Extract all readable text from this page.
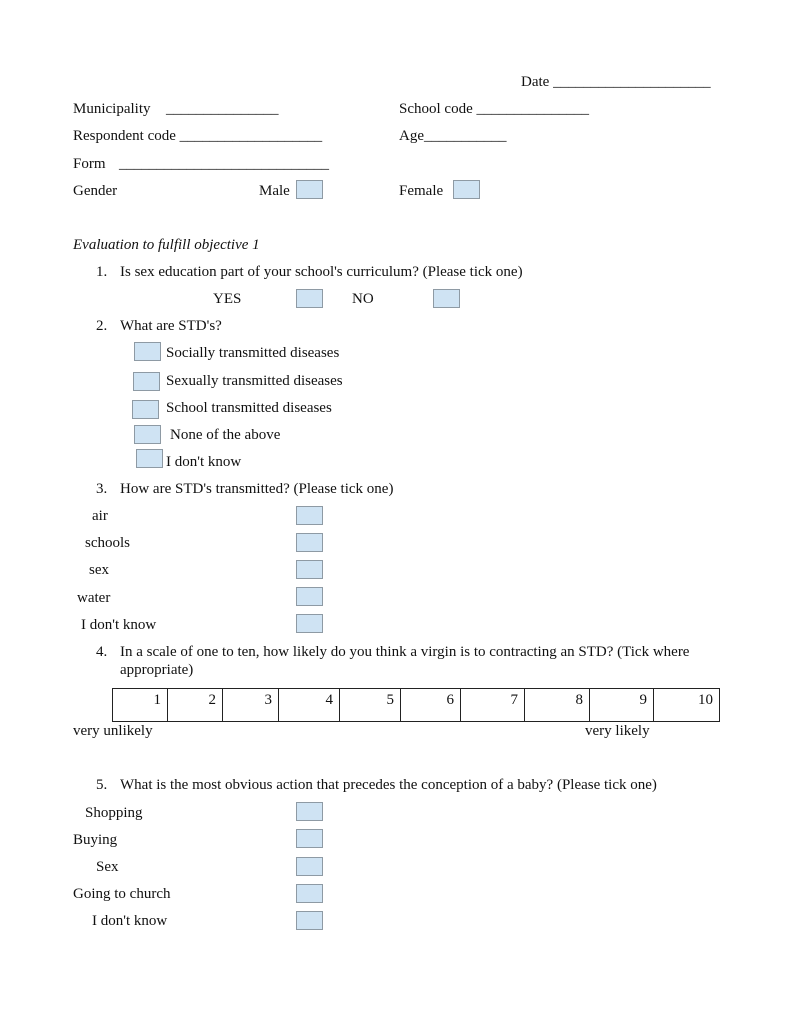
Date _____________________
Municipality _______________	School code _______________
Respondent code ___________________	Age___________
Form ____________________________
Gender	Male	Female
Evaluation to fulfill objective 1
1. Is sex education part of your school's curriculum? (Please tick one)
YES	NO
2. What are STD's?
Socially transmitted diseases
Sexually transmitted diseases
School transmitted diseases
None of the above
I don't know
3. How are STD's transmitted? (Please tick one)
air
schools
sex
water
I don't know
4. In a scale of one to ten, how likely do you think a virgin is to contracting an STD? (Tick where appropriate)
1	2	3	4	5	6	7	8	9	10
very unlikely	very likely
5. What is the most obvious action that precedes the conception of a baby? (Please tick one)
Shopping
Buying
Sex
Going to church
I don't know
